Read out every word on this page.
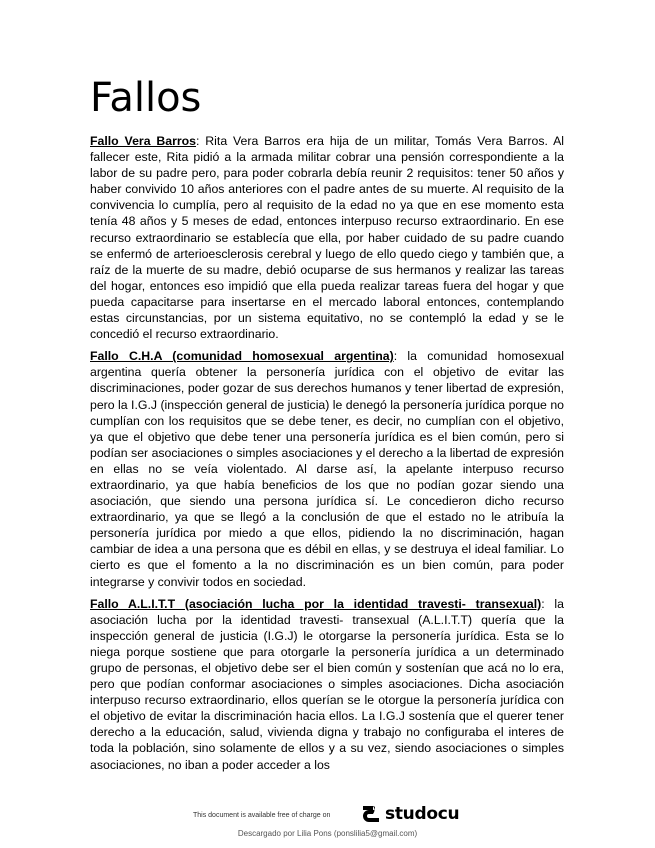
Fallos

Fallo Vera Barros: Rita Vera Barros era hija de un militar, Tomás Vera Barros. Al fallecer este, Rita pidió a la armada militar cobrar una pensión correspondiente a la labor de su padre pero, para poder cobrarla debía reunir 2 requisitos: tener 50 años y haber convivido 10 años anteriores con el padre antes de su muerte. Al requisito de la convivencia lo cumplía, pero al requisito de la edad no ya que en ese momento esta tenía 48 años y 5 meses de edad, entonces interpuso recurso extraordinario. En ese recurso extraordinario se establecía que ella, por haber cuidado de su padre cuando se enfermó de arterioesclerosis cerebral y luego de ello quedo ciego y también que, a raíz de la muerte de su madre, debió ocuparse de sus hermanos y realizar las tareas del hogar, entonces eso impidió que ella pueda realizar tareas fuera del hogar y que pueda capacitarse para insertarse en el mercado laboral entonces, contemplando estas circunstancias, por un sistema equitativo, no se contempló la edad y se le concedió el recurso extraordinario.

Fallo C.H.A (comunidad homosexual argentina): la comunidad homosexual argentina quería obtener la personería jurídica con el objetivo de evitar las discriminaciones, poder gozar de sus derechos humanos y tener libertad de expresión, pero la I.G.J (inspección general de justicia) le denegó la personería jurídica porque no cumplían con los requisitos que se debe tener, es decir, no cumplían con el objetivo, ya que el objetivo que debe tener una personería jurídica es el bien común, pero si podían ser asociaciones o simples asociaciones y el derecho a la libertad de expresión en ellas no se veía violentado. Al darse así, la apelante interpuso recurso extraordinario, ya que había beneficios de los que no podían gozar siendo una asociación, que siendo una persona jurídica sí. Le concedieron dicho recurso extraordinario, ya que se llegó a la conclusión de que el estado no le atribuía la personería jurídica por miedo a que ellos, pidiendo la no discriminación, hagan cambiar de idea a una persona que es débil en ellas, y se destruya el ideal familiar. Lo cierto es que el fomento a la no discriminación es un bien común, para poder integrarse y convivir todos en sociedad.

Fallo A.L.I.T.T (asociación lucha por la identidad travesti- transexual): la asociación lucha por la identidad travesti- transexual (A.L.I.T.T) quería que la inspección general de justicia (I.G.J) le otorgarse la personería jurídica. Esta se lo niega porque sostiene que para otorgarle la personería jurídica a un determinado grupo de personas, el objetivo debe ser el bien común y sostenían que acá no lo era, pero que podían conformar asociaciones o simples asociaciones. Dicha asociación interpuso recurso extraordinario, ellos querían se le otorgue la personería jurídica con el objetivo de evitar la discriminación hacia ellos. La I.G.J sostenía que el querer tener derecho a la educación, salud, vivienda digna y trabajo no configuraba el interes de toda la población, sino solamente de ellos y a su vez, siendo asociaciones o simples asociaciones, no iban a poder acceder a los

This document is available free of charge on	studocu
Descargado por Lilia Pons (ponslilia5@gmail.com)
